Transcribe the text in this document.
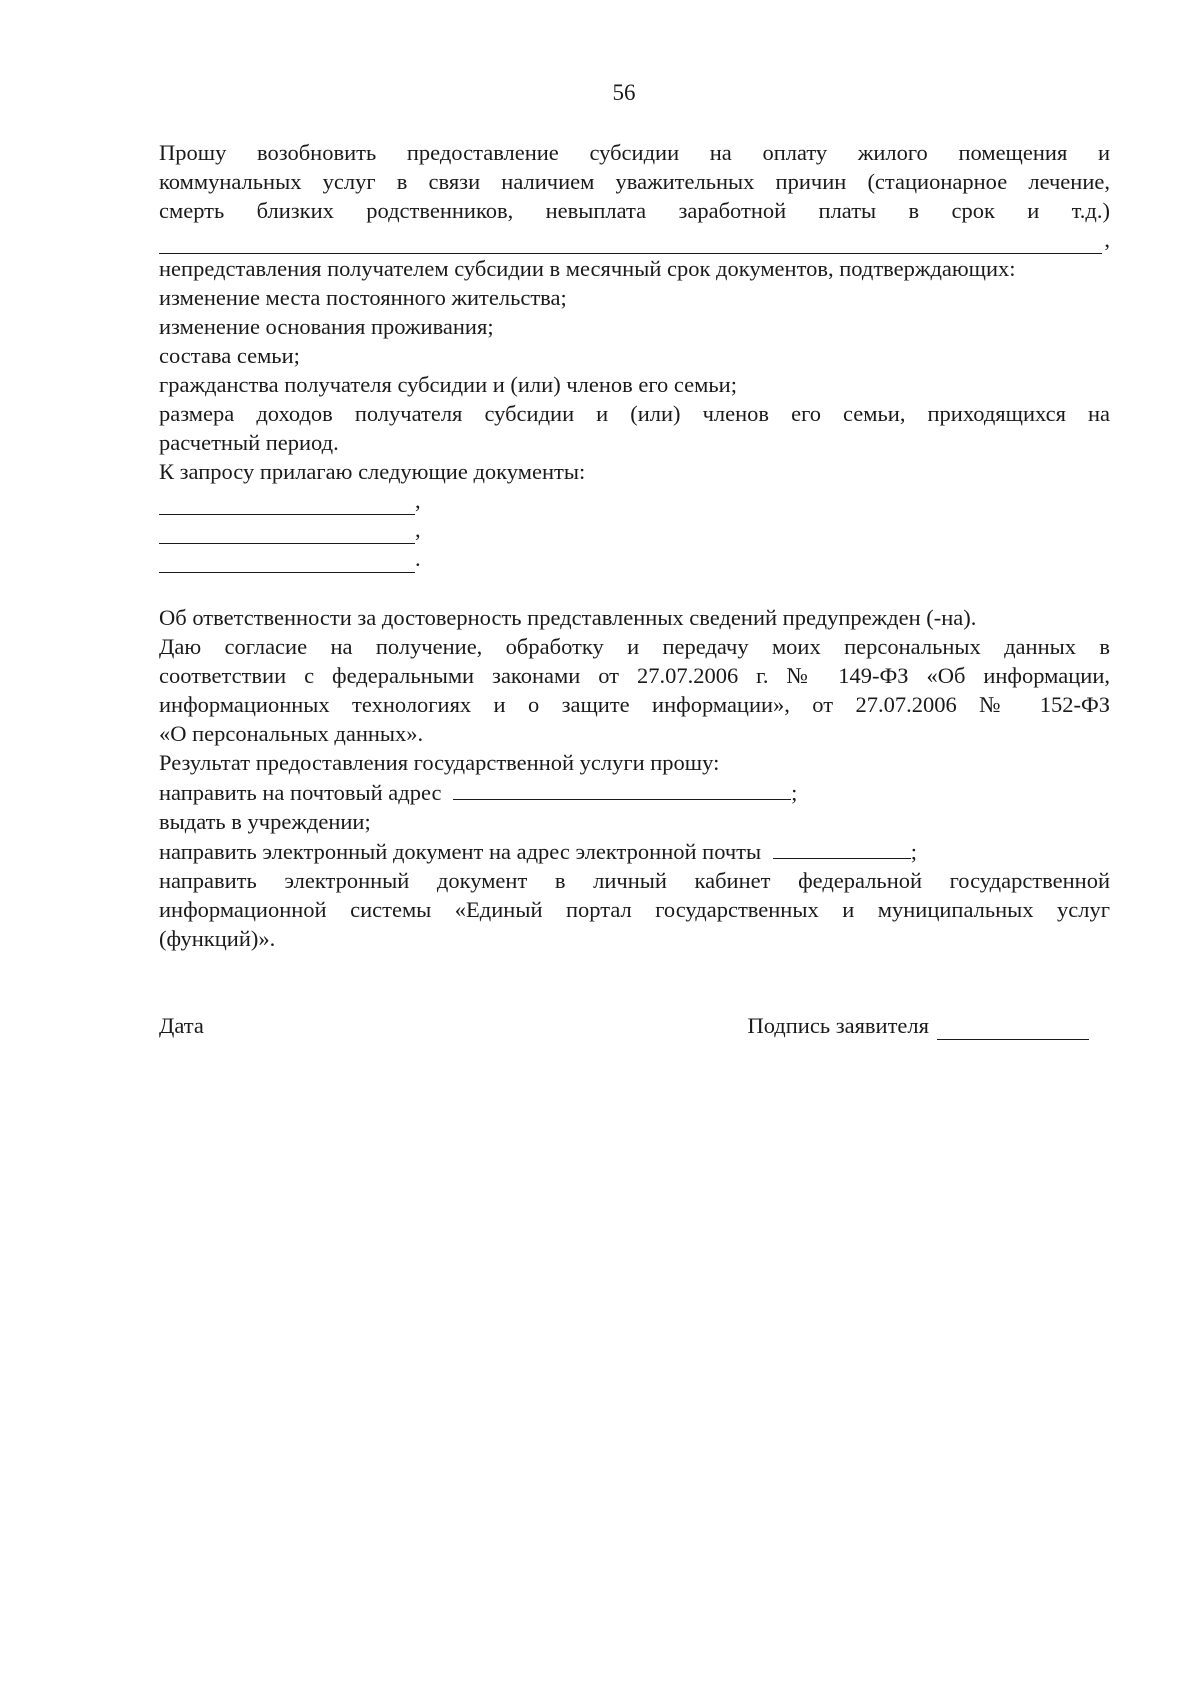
56

Прошу возобновить предоставление субсидии на оплату жилого помещения и

коммунальных услуг в связи наличием уважительных причин (стационарное лечение,

смерть близких родственников, невыплата заработной платы в срок и т.д.)

,

непредставления получателем субсидии в месячный срок документов, подтверждающих:

изменение места постоянного жительства;

изменение основания проживания;

состава семьи;

гражданства получателя субсидии и (или) членов его семьи;

размера доходов получателя субсидии и (или) членов его семьи, приходящихся на

расчетный период.

К запросу прилагаю следующие документы:

,
,
.

Об ответственности за достоверность представленных сведений предупрежден (-на).

Даю согласие на получение, обработку и передачу моих персональных данных в

соответствии с федеральными законами от 27.07.2006 г. № 149-ФЗ «Об информации,

информационных технологиях и о защите информации», от 27.07.2006 № 152-ФЗ

«О персональных данных».

Результат предоставления государственной услуги прошу:

направить на почтовый адрес	;

выдать в учреждении;

направить электронный документ на адрес электронной почты	;

направить электронный документ в личный кабинет федеральной государственной

информационной системы «Единый портал государственных и муниципальных услуг

(функций)».

Дата	Подпись заявителя
